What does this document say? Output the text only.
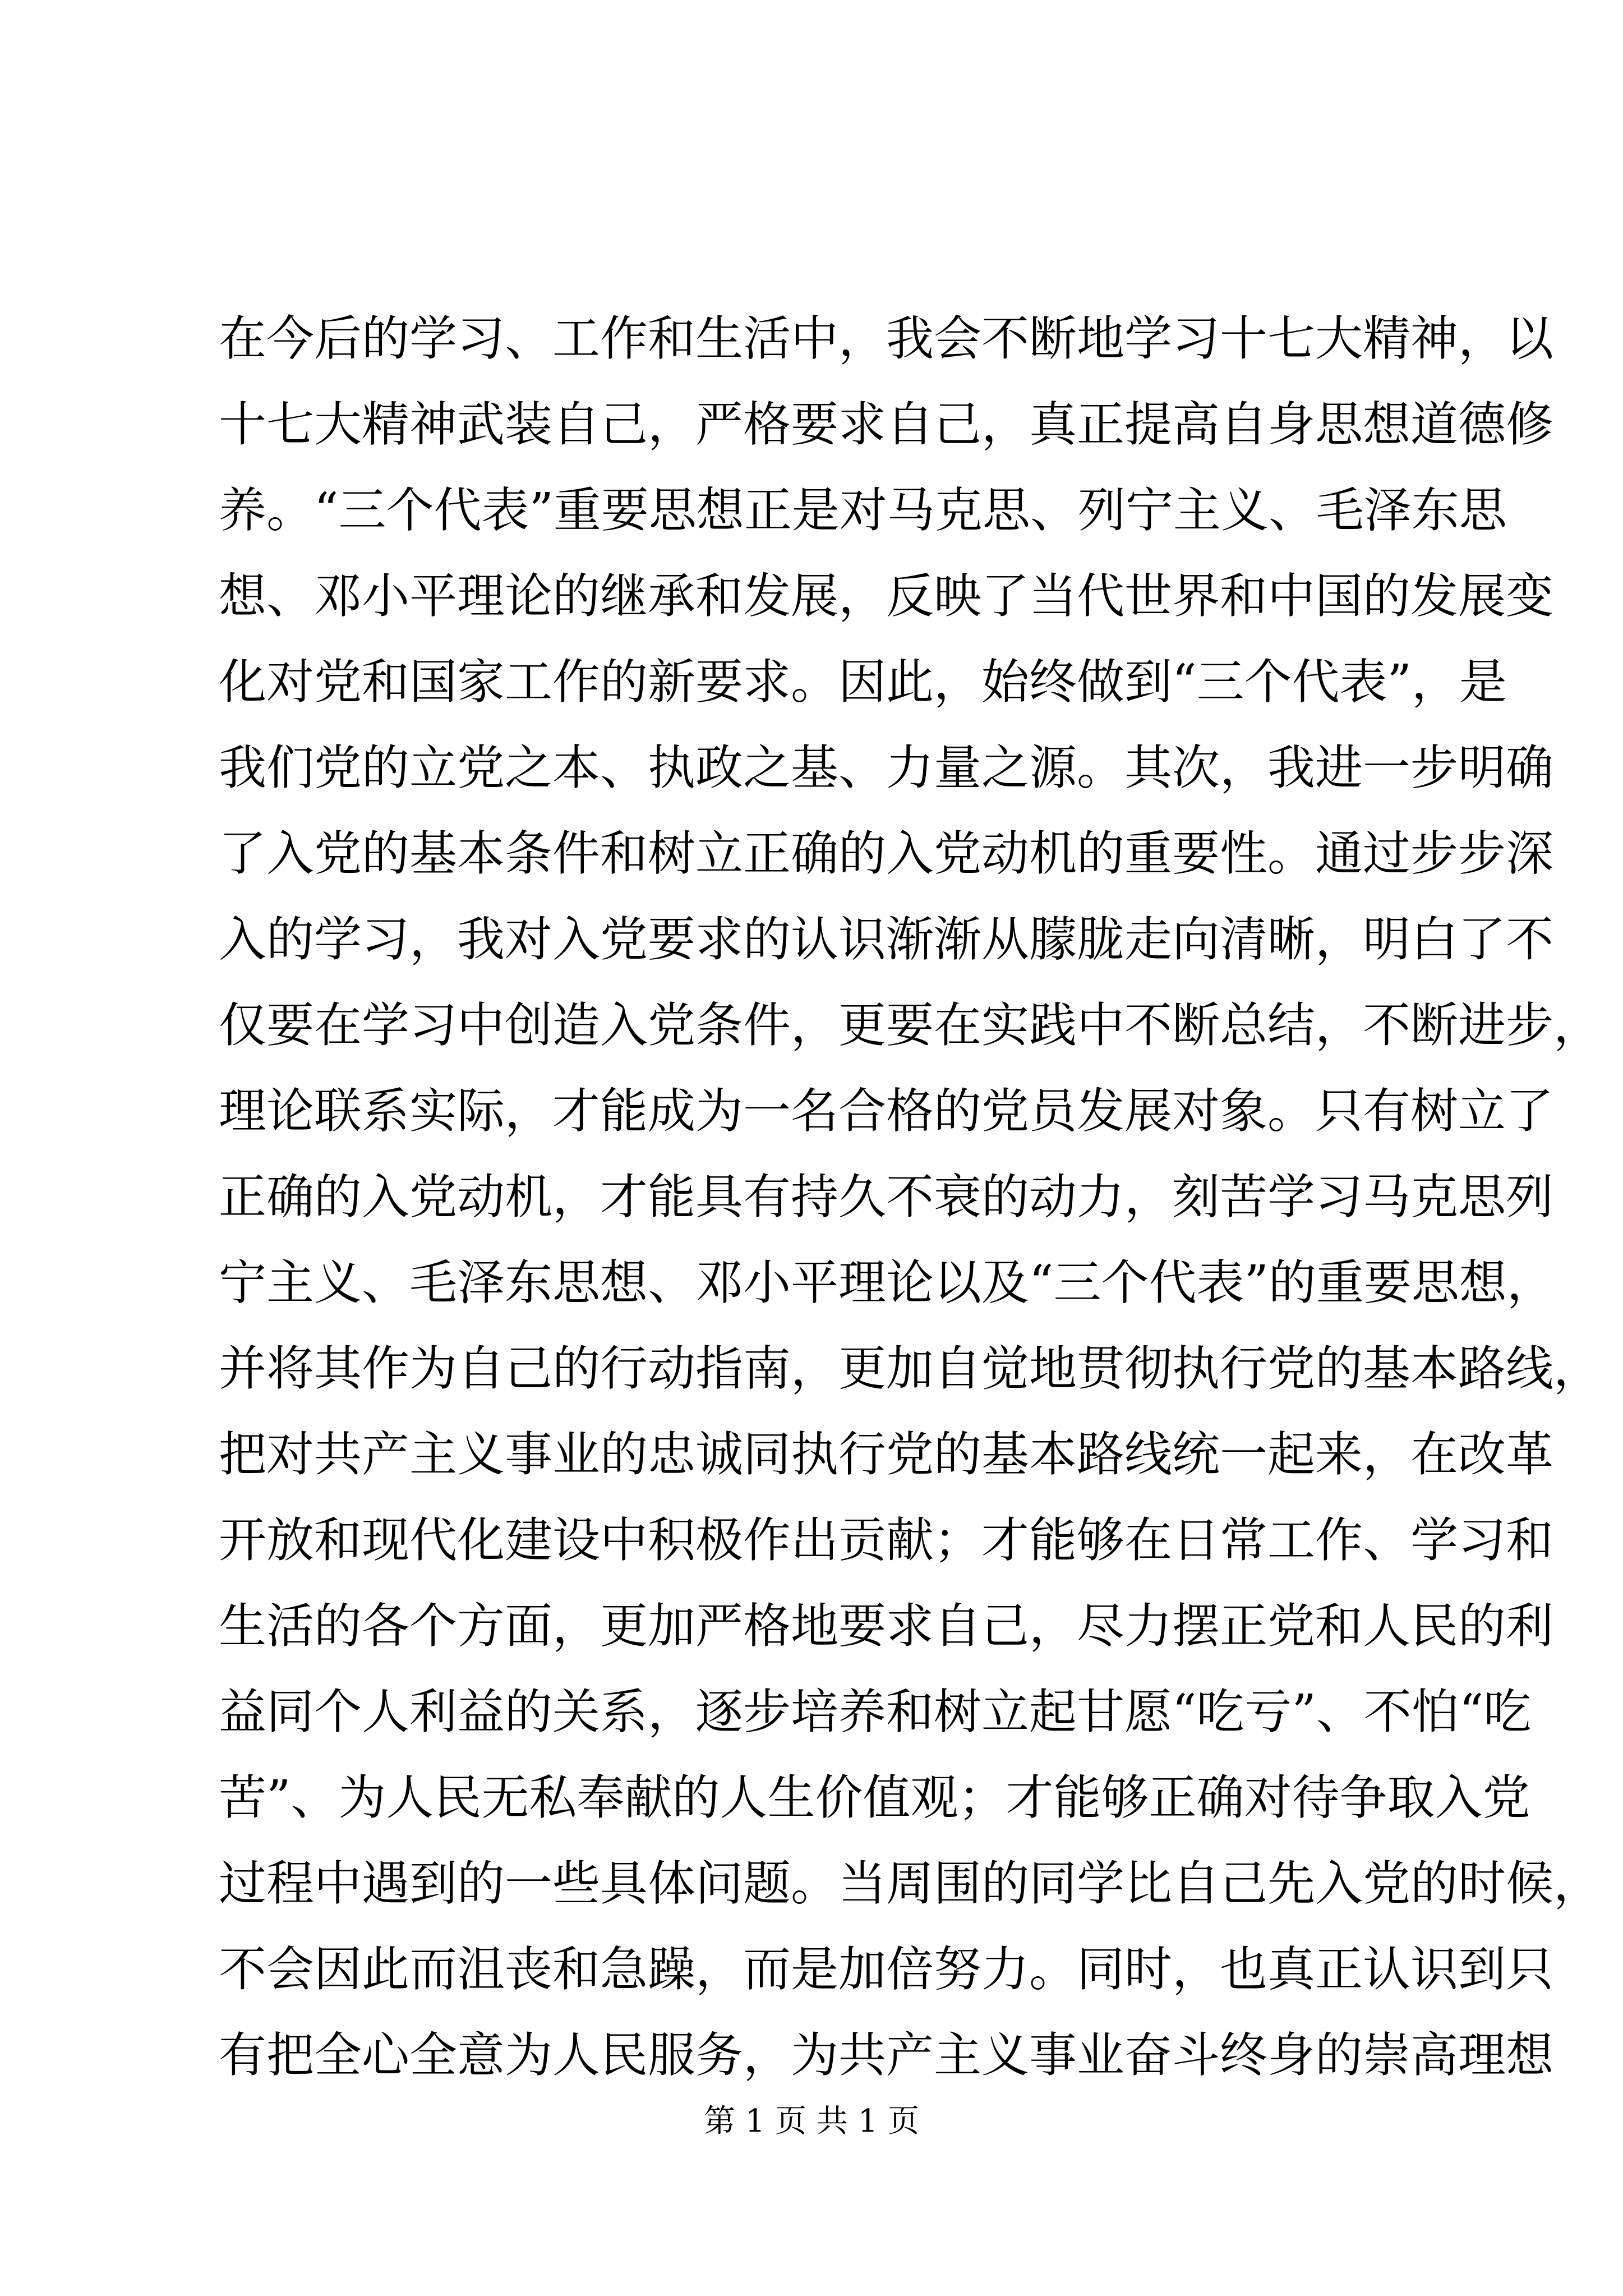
在今后的学习、工作和生活中，我会不断地学习十七大精神，以
十七大精神武装自己，严格要求自己，真正提高自身思想道德修
养。“三个代表”重要思想正是对马克思、列宁主义、毛泽东思
想、邓小平理论的继承和发展，反映了当代世界和中国的发展变
化对党和国家工作的新要求。因此，始终做到“三个代表”，是
我们党的立党之本、执政之基、力量之源。其次，我进一步明确
了入党的基本条件和树立正确的入党动机的重要性。通过步步深
入的学习，我对入党要求的认识渐渐从朦胧走向清晰，明白了不
仅要在学习中创造入党条件，更要在实践中不断总结，不断进步，
理论联系实际，才能成为一名合格的党员发展对象。只有树立了
正确的入党动机，才能具有持久不衰的动力，刻苦学习马克思列
宁主义、毛泽东思想、邓小平理论以及“三个代表”的重要思想，
并将其作为自己的行动指南，更加自觉地贯彻执行党的基本路线，
把对共产主义事业的忠诚同执行党的基本路线统一起来，在改革
开放和现代化建设中积极作出贡献；才能够在日常工作、学习和
生活的各个方面，更加严格地要求自己，尽力摆正党和人民的利
益同个人利益的关系，逐步培养和树立起甘愿“吃亏”、不怕“吃
苦”、为人民无私奉献的人生价值观；才能够正确对待争取入党
过程中遇到的一些具体问题。当周围的同学比自己先入党的时候，
不会因此而沮丧和急躁，而是加倍努力。同时，也真正认识到只
有把全心全意为人民服务，为共产主义事业奋斗终身的崇高理想
第 1 页 共 1 页
